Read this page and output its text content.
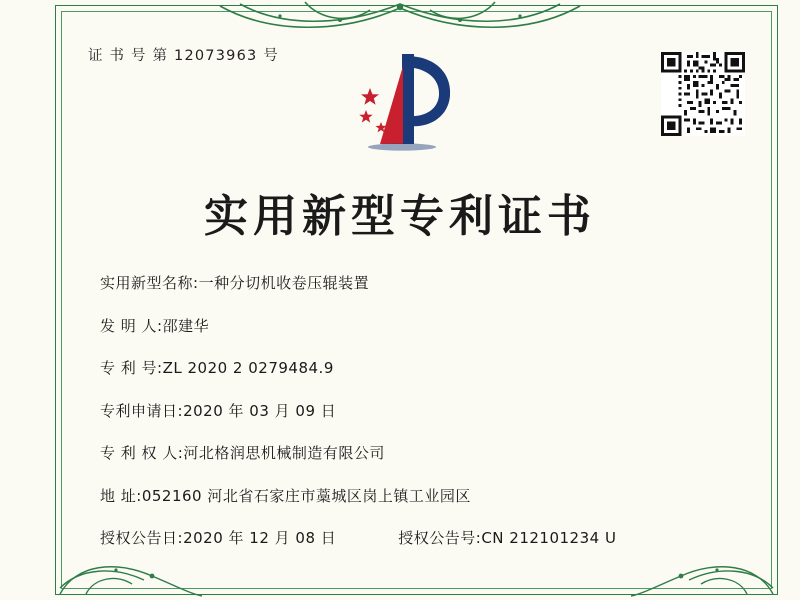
证 书 号 第 12073963 号
实用新型专利证书
实用新型名称: 一种分切机收卷压辊装置
发 明 人: 邵建华
专 利 号: ZL 2020 2 0279484.9
专利申请日: 2020 年 03 月 09 日
专 利 权 人: 河北格润思机械制造有限公司
地 址: 052160 河北省石家庄市藁城区岗上镇工业园区
授权公告日: 2020 年 12 月 08 日	授权公告号: CN 212101234 U
